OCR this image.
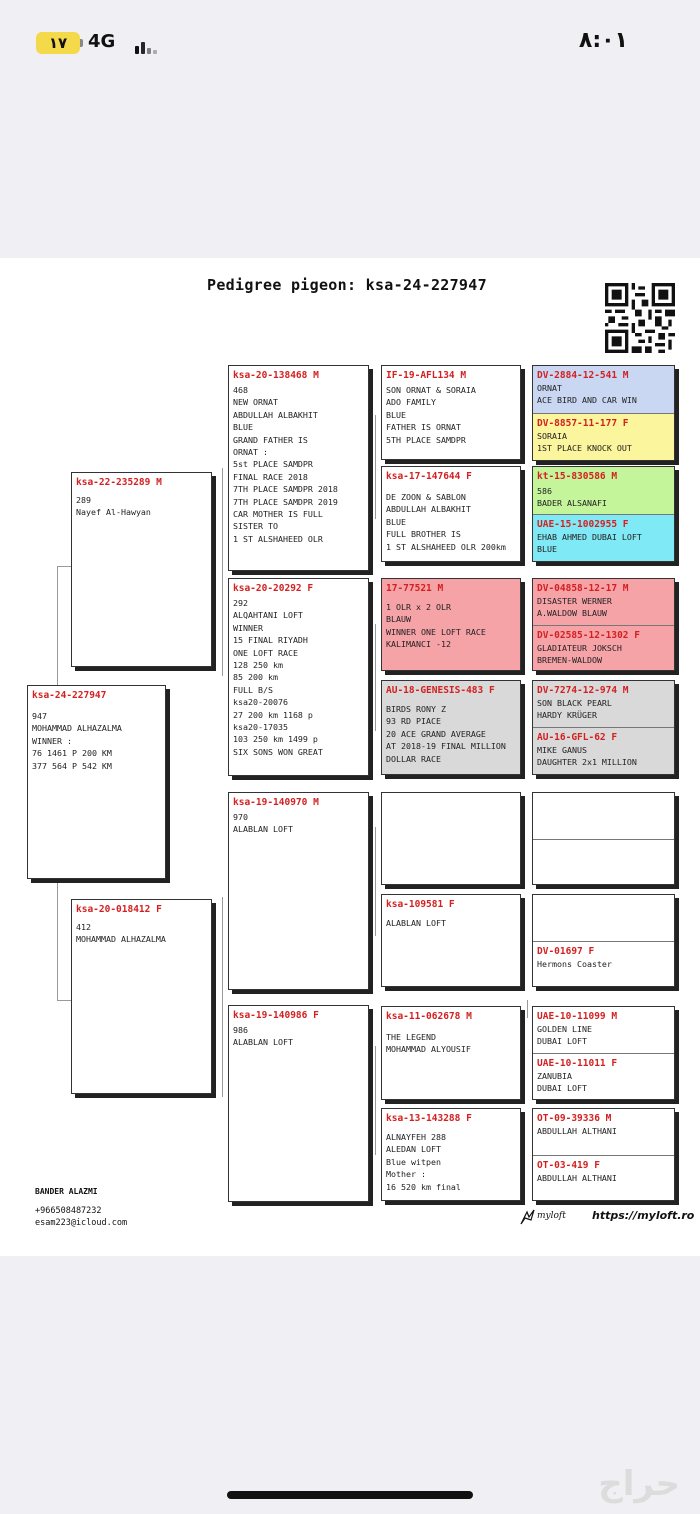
١٧	4G	٨:٠١
Pedigree pigeon: ksa-24-227947
ksa-24-227947
947
MOHAMMAD ALHAZALMA
WINNER :
76 1461 P 200 KM
377 564 P 542 KM
ksa-22-235289 M
289
Nayef Al-Hawyan
ksa-20-018412 F
412
MOHAMMAD ALHAZALMA
ksa-20-138468 M
468
NEW ORNAT
ABDULLAH ALBAKHIT
BLUE
GRAND FATHER IS
ORNAT :
5st PLACE SAMDPR
FINAL RACE 2018
7TH PLACE SAMDPR 2018
7TH PLACE SAMDPR 2019
CAR MOTHER IS FULL
SISTER TO
1 ST ALSHAHEED OLR
ksa-20-20292 F
292
ALQAHTANI LOFT
WINNER
15 FINAL RIYADH
ONE LOFT RACE
128 250 km
85 200 km
FULL B/S
ksa20-20076
27 200 km 1168 p
ksa20-17035
103 250 km 1499 p
SIX SONS WON GREAT
ksa-19-140970 M
970
ALABLAN LOFT
ksa-19-140986 F
986
ALABLAN LOFT
IF-19-AFL134 M
SON ORNAT & SORAIA
ADO FAMILY
BLUE
FATHER IS ORNAT
5TH PLACE SAMDPR
ksa-17-147644 F
DE ZOON & SABLON
ABDULLAH ALBAKHIT
BLUE
FULL BROTHER IS
1 ST ALSHAHEED OLR 200km
17-77521 M
1 OLR x 2 OLR
BLAUW
WINNER ONE LOFT RACE
KALIMANCI -12
AU-18-GENESIS-483 F
BIRDS RONY Z
93 RD PIACE
20 ACE GRAND AVERAGE
AT 2018-19 FINAL MILLION
DOLLAR RACE
ksa-109581 F
ALABLAN LOFT
ksa-11-062678 M
THE LEGEND
MOHAMMAD ALYOUSIF
ksa-13-143288 F
ALNAYFEH 288
ALEDAN LOFT
Blue witpen
Mother :
16 520 km final
DV-2884-12-541 M
ORNAT
ACE BIRD AND CAR WIN
DV-8857-11-177 F
SORAIA
1ST PLACE KNOCK OUT
kt-15-830586 M
586
BADER ALSANAFI
UAE-15-1002955 F
EHAB AHMED DUBAI LOFT
BLUE
DV-04858-12-17 M
DISASTER WERNER
A.WALDOW BLAUW
DV-02585-12-1302 F
GLADIATEUR JOKSCH
BREMEN-WALDOW
DV-7274-12-974 M
SON BLACK PEARL
HARDY KRÜGER
AU-16-GFL-62 F
MIKE GANUS
DAUGHTER 2x1 MILLION
DV-01697 F
Hermons Coaster
UAE-10-11099 M
GOLDEN LINE
DUBAI LOFT
UAE-10-11011 F
ZANUBIA
DUBAI LOFT
OT-09-39336 M
ABDULLAH ALTHANI
OT-03-419 F
ABDULLAH ALTHANI
BANDER ALAZMI
+966508487232
esam223@icloud.com
myloft https://myloft.ro
حراج
